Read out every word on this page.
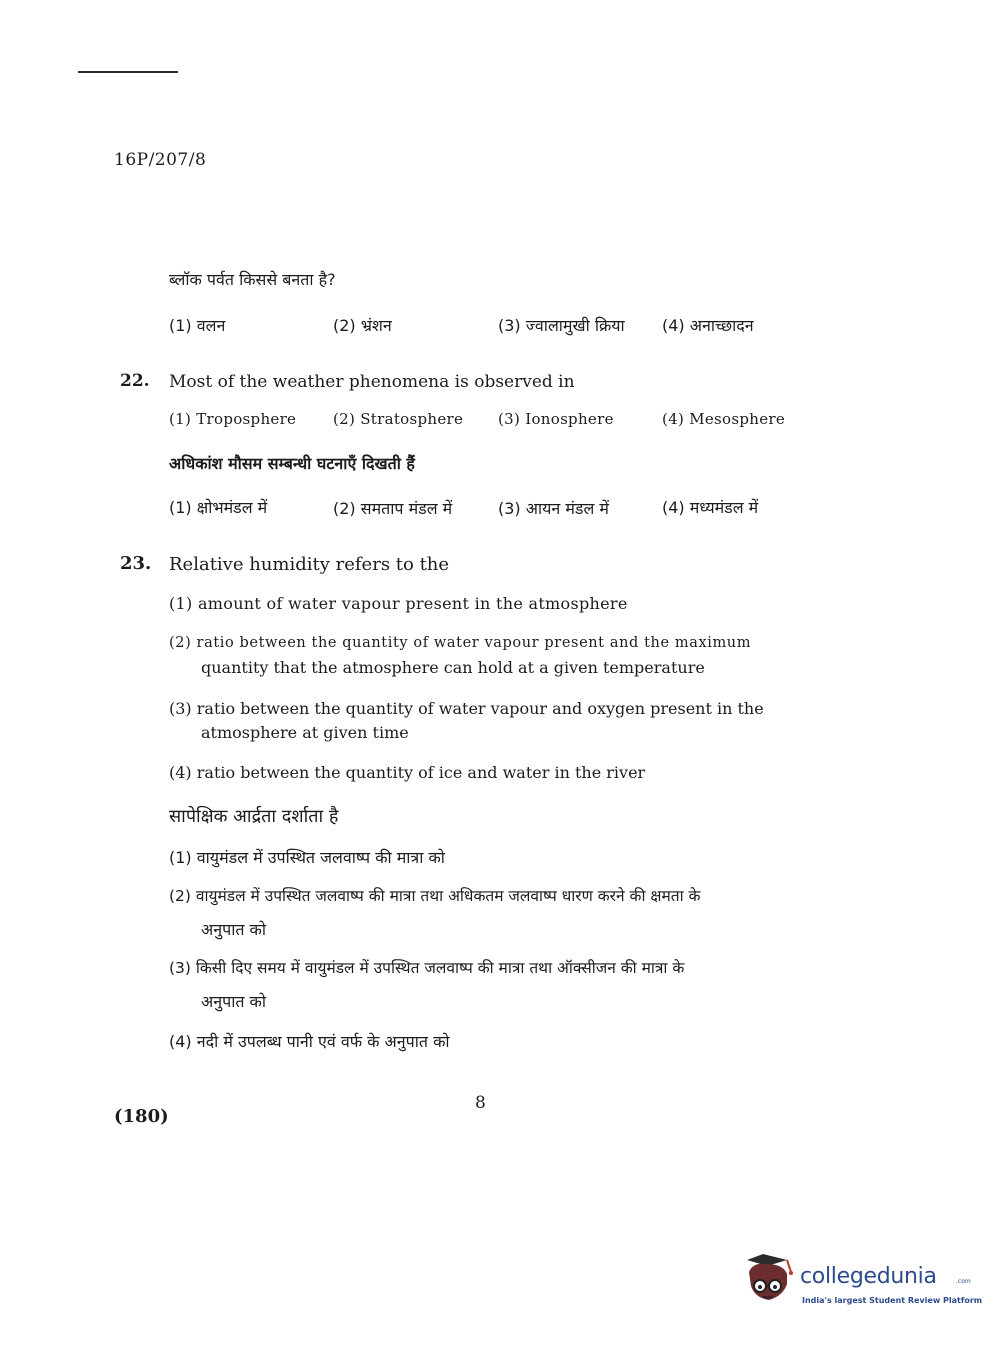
16P/207/8
ब्लॉक पर्वत किससे बनता है?
(1) वलन	(2) भ्रंशन	(3) ज्वालामुखी क्रिया (4) अनाच्छादन
22. Most of the weather phenomena is observed in
(1) Troposphere (2) Stratosphere (3) Ionosphere	(4) Mesosphere
अधिकांश मौसम सम्बन्धी घटनाएँ दिखती हैं
(1) क्षोभमंडल में	(2) समताप मंडल में	(3) आयन मंडल में	(4) मध्यमंडल में
23. Relative humidity refers to the
(1) amount of water vapour present in the atmosphere
(2) ratio between the quantity of water vapour present and the maximum
quantity that the atmosphere can hold at a given temperature
(3) ratio between the quantity of water vapour and oxygen present in the
atmosphere at given time
(4) ratio between the quantity of ice and water in the river
सापेक्षिक आर्द्रता दर्शाता है
(1) वायुमंडल में उपस्थित जलवाष्प की मात्रा को
(2) वायुमंडल में उपस्थित जलवाष्प की मात्रा तथा अधिकतम जलवाष्प धारण करने की क्षमता के
अनुपात को
(3) किसी दिए समय में वायुमंडल में उपस्थित जलवाष्प की मात्रा तथा ऑक्सीजन की मात्रा के
अनुपात को
(4) नदी में उपलब्ध पानी एवं वर्फ के अनुपात को
8
(180)
collegedunia	.com
India's largest Student Review Platform
